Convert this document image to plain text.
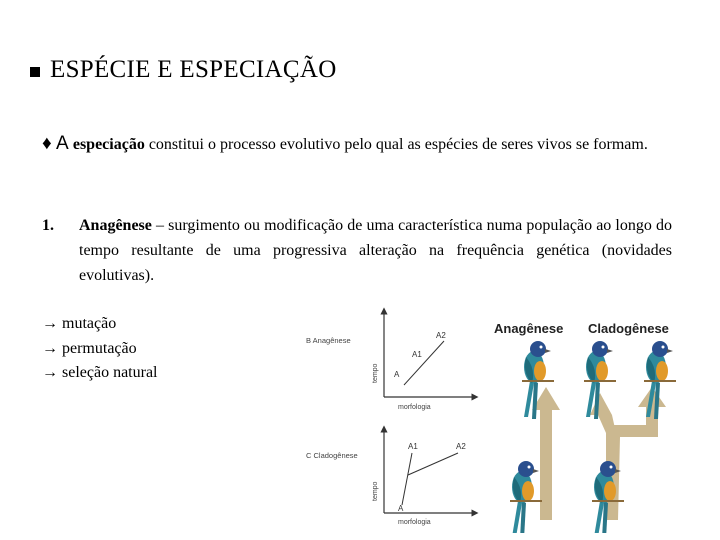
ESPÉCIE E ESPECIAÇÃO
♦ A especiação constitui o processo evolutivo pelo qual as espécies de seres vivos se formam.
1.	Anagênese – surgimento ou modificação de uma característica numa população ao longo do tempo resultante de uma progressiva alteração na frequência genética (novidades evolutivas).
→ mutação
→ permutação
→ seleção natural
B Anagênese
tempo
morfologia
A2
A1
A
C Cladogênese
tempo
morfologia
A1	A2
A
Anagênese Cladogênese
